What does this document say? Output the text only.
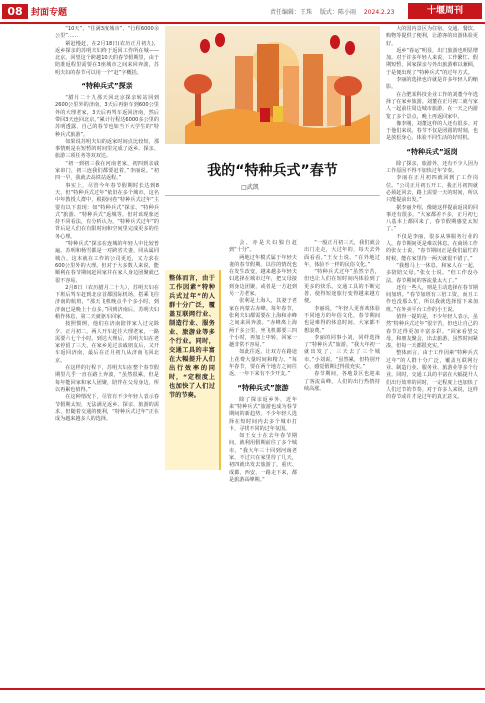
08 封面专题	责任编辑：王珠 版式：陈小雨 2024.2.23	十堰周刊

“10天”、“住满3度城市”、“行程6000余公里”……

紧赶慢赶，在2月18日(农历正月初九)，返乡探亲的苏明夫妇终于返回工作所在城——北京。回望这个跨越10天的春节假期里，由于陪准返程里需要在3座城市之间来回奔波，苏明夫妇的春节可以用一个“赶”字概括。

“特种兵式”探亲

“腊月二十九那天回北京探亲转站回到2600公里外的济南，3天后再驱车到600公里外的大理老家，3天后再驾车返回济南，然后带回3天连回北京。”累计行程达6000多公里的苏明透露，自己的春节也如当下大学生的“特种兵式旅游”。

如果说苏明夫妇的返家时间点比较短，那事情则是在短暂的时间里完成了返乡、探亲、旅游三项任务等双双达。

“初一到初三我在河南老家，初四到亲戚家串门，初三连我们都要赶着，”李丽说。“初四一早，我就去高铁站返程。”

事实上，尽管今年春节假期时长达到8天，但“特种兵式过年”依旧在多个城市。这名中年教授人群中，根据问卷“特种兵式过年”主要有以下表现：如“特种兵式”探亲、“特种兵式”旅游、“特种兵式”返城等。但对该现象还持不同看法，有分析认为，“特种兵式过年”的背后是人们在有限时间和空间里完成更多的任务心理。

“特种兵式”探亲在连城的年轻人中比较普遍。苏明和杨雪都是一对跨省夫妻，同从属同城合。这本就在工作的公司更近，又力求在600公里外的大理。但对于大多数人来说，能顺利在春节期间赶回家并在家人身边团聚就已很不容易。

2月8日（农历腊月二十九），苏明夫妇在下班后驾车赶到北京首都国际机场，搭乘飞往济南的航班，“那天飞机晚点半个多小时，到济南已是晚上十点多。”回到济南后，苏明夫妇稍作休息，第二天就驱车回家。

按照惯例，他们在济南陪伴家人过完除夕，正月初二，两人开车赶往大理老家，一路需要六七个小时。到达大理后，苏明夫妇在老家停留了三天，在家乡见过亲戚朋友后，又开车返回济南，最后在正月初九从济南飞回北京。

在这样的行程下，苏明夫妇在整个春节假期里几乎一直在路上奔波，“虽然很累，但是每年能回家和家人团聚，陪伴在父母身边，所以再累也值得。”

在这种情况下，尽管有不少年轻人表示春节假期太短，无法满足返乡、探亲、旅游的需求，但随着交通的便利，“特种兵式过年”正在成为越来越多人的选择。

我的“特种兵式”春节
□武凯
整体而言，由于工作因素“特种兵式过年”的人群十分广泛，覆盖互联网行业、制造行业、服务业、旅游业等多个行业。同时，交通工具的丰富在大幅提升人们出行效率的同时，“定程度上也加快了人们过节的节奏。

会、亦是夫妇独自赶到“十分”。

两地过年模式属于年轻夫妻的春节假期。以往的情况也在发生改变，越来越多年轻夫妇选择在城市过年，把父母接到身边团聚，或者是一方赶到另一方老家。

张利是上海人，其妻子老家在内蒙古赤峰。每年春节，张利夫妇都需要在上海和赤峰之间来回奔波。“赤峰离上海两千多公里，坐飞机都要三四个小时，再加上中转，回家一趟非常不容易。”

如此往返，让双方在路途上花费大量时间和精力。“每年春节，要在两个地方之间往返，一年下来有不少开支。”

“特种兵式”旅游

除了探亲返乡外，近年来“特种兵式”旅游也成为春节期间的新趋势。不少年轻人选择在短时间内去多个城市打卡，寻找不同的过年氛围。

如王女士在去年春节期间，就利用假期前往了多个城市。“我大年三十回到河南老家，不过只在家里待了几天，初四就出发去旅游了，重庆、成都、西安，一路走下来，都是旅游高峰期。”

“一般正月初三天，我们就会出门走走，大过年的，每天去外面看看。”王女士说。“在外地过年，体验不一样的民俗文化。”

“特种兵式过年”虽然辛苦，但也让人们在短时间内体验到了更多的快乐。交通工具的不断完善，使得短途旅行变得越来越方便。

李丽说，“年轻人更喜欢体验不同地方的年俗文化，春节期间也是难得的休息时间，大家都不想浪费。”

李丽的同事小刘，同样选择了“特种兵式”旅游。“我大年初一就出发了，三天去了三个城市。”小刘说。“虽然累，但特别开心，感觉假期过得很充实。”

春节期间，各地景区也迎来了客流高峰，人们的出行热情持续高涨。

大的国内景区为住宿、交通、餐饮、购物等提供了便利，让游客的出游体验更好。

返乡“春运”明显，出门旅游也明显增加。对于许多年轻人来说，工作繁忙、假期短暂，回家探亲与外出旅游难以兼顾，于是便出现了“特种兵式”的过年方式。

李丽的选择也许就是许多年轻人的缩影。

在合肥某科技企业工作的刘董今年选择了在家乡旅游。刘董在正月初二就与家人一起前往周边城市旅游，在一天之内游览了多个景点，晚上再返回家中。

像李刚，刘董这样的人还有很多。对于他们来说，春节不仅是团圆的时刻，也是放松身心、体验不同生活的好时机。

“特种兵式”返岗

除了探亲、旅游外，还有不少人因为工作原因不得不加快过年节奏。

李丽在正月初四就回到了工作岗位。“公司正月初五开工，我正月初四就必须赶回去，路上需要一天的时间，所以只能提前出发。”

据李丽介绍，像她这样提前返岗的同事还有很多。“大家都差不多，正月初七八基本上都回来了，春节假期感觉太短了。”

不仅是李丽，很多从事服务行业的人，春节期间更是难以休息。在商场工作的张女士说，“春节期间正是我们最忙的时候，能在家里待一两天就很不错了。”

“我想马上一休息，和家人在一起，多陪陪父母。”张女士说。“但工作没办法，春节期间的客流量太大了。”

还有一些人，则是主动选择在春节期间加班。“春节加班有三倍工资，而且工作也没那么忙，所以我就选择留下来加班。”在外卖平台工作的小王说。

值得一提的是，不少年轻人表示，虽然“特种兵式过年”很辛苦，但也让自己的春节过得更加丰富多彩。“回家看望父母，和朋友聚会，出去旅游，虽然时间紧凑，但每一天都很充实。”

整体而言，由于工作因素“特种兵式过年”的人群十分广泛，覆盖互联网行业、制造行业、服务业、旅游业等多个行业。同时，交通工具的丰富在大幅提升人们出行效率的同时，一定程度上也加快了人们过节的节奏。对于许多人来说，这样的春节或许才是过年的真正意义。
